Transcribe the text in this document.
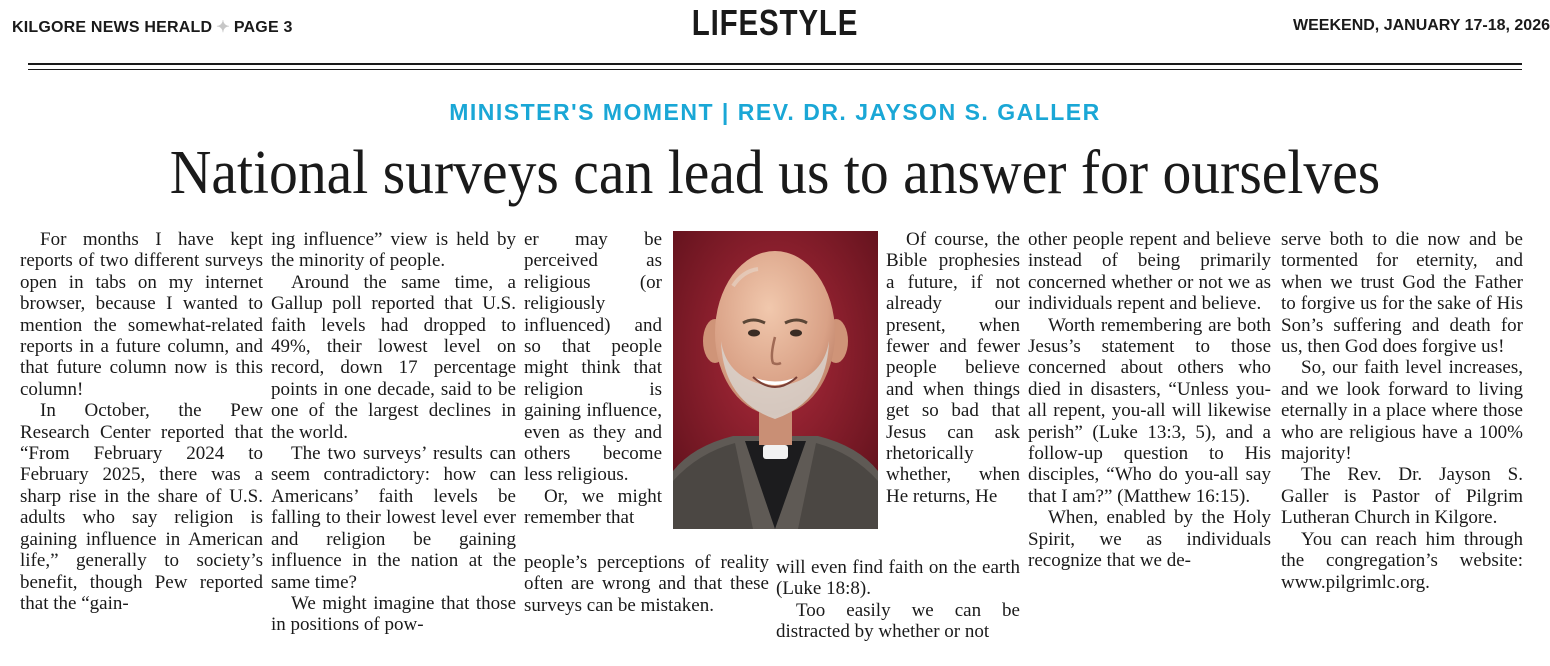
KILGORE NEWS HERALD ✦ PAGE 3	LIFESTYLE	WEEKEND, JANUARY 17-18, 2026
MINISTER'S MOMENT | REV. DR. JAYSON S. GALLER
National surveys can lead us to answer for ourselves

For months I have kept reports of two different surveys open in tabs on my internet browser, because I wanted to mention the somewhat-related reports in a future column, and that future column now is this column!

In October, the Pew Research Center reported that “From February 2024 to February 2025, there was a sharp rise in the share of U.S. adults who say religion is gaining influence in American life,” generally to society’s benefit, though Pew reported that the “gain-

ing influence” view is held by the minority of people.

Around the same time, a Gallup poll reported that U.S. faith levels had dropped to 49%, their lowest level on record, down 17 percentage points in one decade, said to be one of the largest declines in the world.

The two surveys’ results can seem contradictory: how can Americans’ faith levels be falling to their lowest level ever and religion be gaining influence in the nation at the same time?

We might imagine that those in positions of pow-

er may be perceived as religious (or religiously influenced) and so that people might think that religion is gaining influence, even as they and others become less religious.

Or, we might remember that

people’s perceptions of reality often are wrong and that these surveys can be mistaken.

Of course, the Bible prophesies a future, if not already our present, when fewer and fewer people believe and when things get so bad that Jesus can ask rhetorically whether, when He returns, He

will even find faith on the earth (Luke 18:8).

Too easily we can be distracted by whether or not

other people repent and believe instead of being primarily concerned whether or not we as individuals repent and believe.

Worth remembering are both Jesus’s statement to those concerned about others who died in disasters, “Unless you-all repent, you-all will likewise perish” (Luke 13:3, 5), and a follow-up question to His disciples, “Who do you-all say that I am?” (Matthew 16:15).

When, enabled by the Holy Spirit, we as individuals recognize that we de-

serve both to die now and be tormented for eternity, and when we trust God the Father to forgive us for the sake of His Son’s suffering and death for us, then God does forgive us!

So, our faith level increases, and we look forward to living eternally in a place where those who are religious have a 100% majority!

The Rev. Dr. Jayson S. Galler is Pastor of Pilgrim Lutheran Church in Kilgore.

You can reach him through the congregation’s website: www.pilgrimlc.org.
